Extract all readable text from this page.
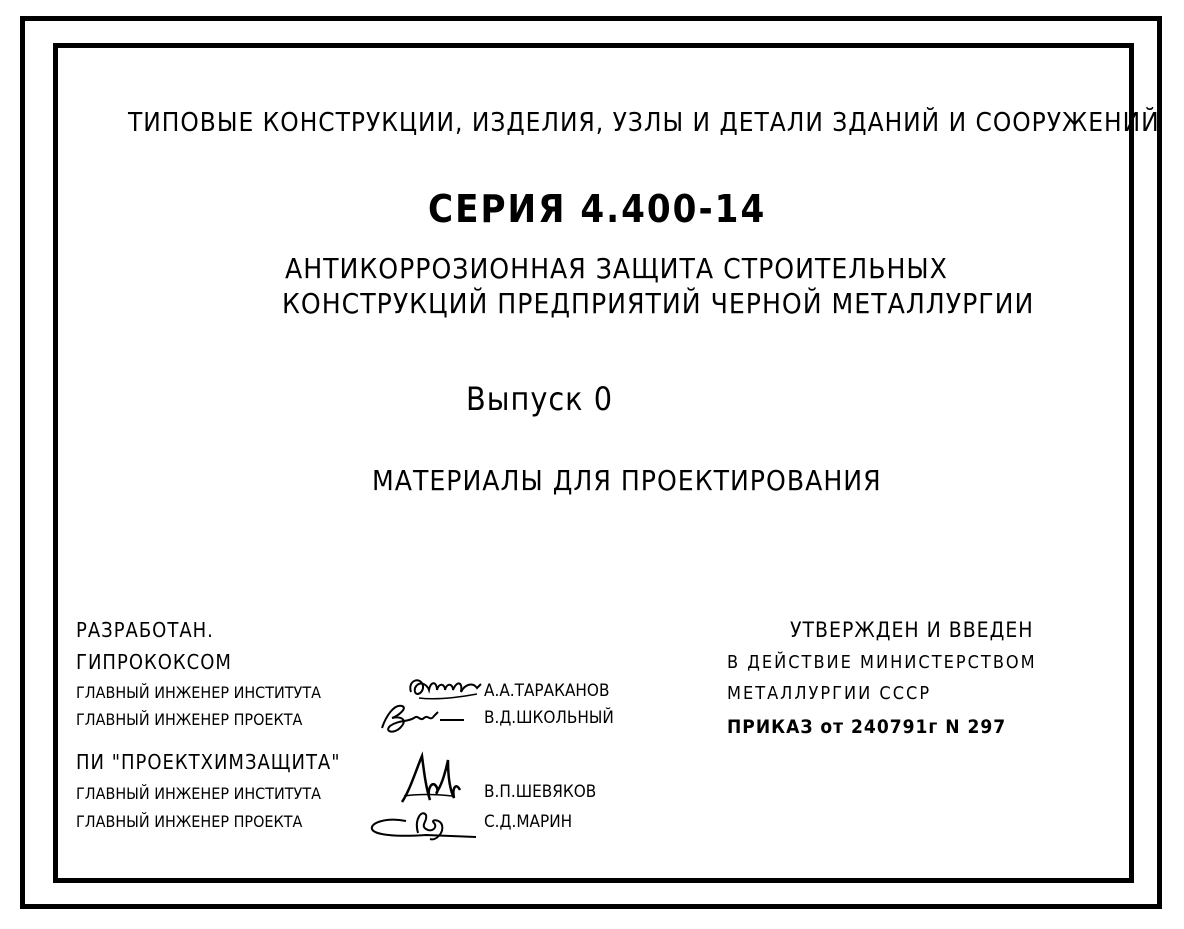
ТИПОВЫЕ КОНСТРУКЦИИ, ИЗДЕЛИЯ, УЗЛЫ И ДЕТАЛИ ЗДАНИЙ И СООРУЖЕНИЙ
СЕРИЯ 4.400-14
АНТИКОРРОЗИОННАЯ ЗАЩИТА СТРОИТЕЛЬНЫХ
КОНСТРУКЦИЙ ПРЕДПРИЯТИЙ ЧЕРНОЙ МЕТАЛЛУРГИИ
Выпуск 0
МАТЕРИАЛЫ ДЛЯ ПРОЕКТИРОВАНИЯ
РАЗРАБОТАН.
ГИПРОКОКСОМ
ГЛАВНЫЙ ИНЖЕНЕР ИНСТИТУТА	А.А.ТАРАКАНОВ
ГЛАВНЫЙ ИНЖЕНЕР ПРОЕКТА	В.Д.ШКОЛЬНЫЙ
ПИ "ПРОЕКТХИМЗАЩИТА"
ГЛАВНЫЙ ИНЖЕНЕР ИНСТИТУТА	В.П.ШЕВЯКОВ
ГЛАВНЫЙ ИНЖЕНЕР ПРОЕКТА	С.Д.МАРИН
УТВЕРЖДЕН И ВВЕДЕН
В ДЕЙСТВИЕ МИНИСТЕРСТВОМ
МЕТАЛЛУРГИИ СССР
ПРИКАЗ от 240791г N 297
